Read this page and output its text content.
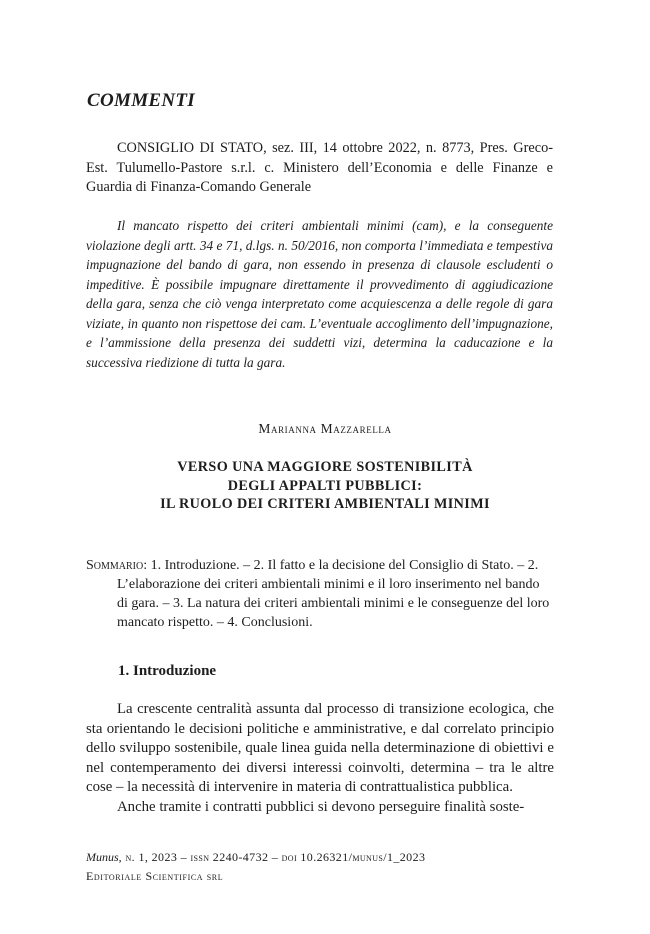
COMMENTI

CONSIGLIO DI STATO, sez. III, 14 ottobre 2022, n. 8773, Pres. Greco-Est. Tulumello-Pastore s.r.l. c. Ministero dell’Economia e delle Finanze e Guardia di Finanza-Comando Generale

Il mancato rispetto dei criteri ambientali minimi (cam), e la conseguente violazione degli artt. 34 e 71, d.lgs. n. 50/2016, non comporta l’immediata e tempestiva impugnazione del bando di gara, non essendo in presenza di clausole escludenti o impeditive. È possibile impugnare direttamente il provvedimento di aggiudicazione della gara, senza che ciò venga interpretato come acquiescenza a delle regole di gara viziate, in quanto non rispettose dei cam. L’eventuale accoglimento dell’impugnazione, e l’ammissione della presenza dei suddetti vizi, determina la caducazione e la successiva riedizione di tutta la gara.

Marianna Mazzarella

VERSO UNA MAGGIORE SOSTENIBILITÀ
DEGLI APPALTI PUBBLICI:
IL RUOLO DEI CRITERI AMBIENTALI MINIMI

Sommario: 1. Introduzione. – 2. Il fatto e la decisione del Consiglio di Stato. – 2. L’elaborazione dei criteri ambientali minimi e il loro inserimento nel bando di gara. – 3. La natura dei criteri ambientali minimi e le conseguenze del loro mancato rispetto. – 4. Conclusioni.

1. Introduzione

La crescente centralità assunta dal processo di transizione ecologica, che sta orientando le decisioni politiche e amministrative, e dal correlato principio dello sviluppo sostenibile, quale linea guida nella determinazione di obiettivi e nel contemperamento dei diversi interessi coinvolti, determina – tra le altre cose – la necessità di intervenire in materia di contrattualistica pubblica.

Anche tramite i contratti pubblici si devono perseguire finalità soste-

Munus, n. 1, 2023 – issn 2240-4732 – doi 10.26321/munus/1_2023
Editoriale Scientifica srl
